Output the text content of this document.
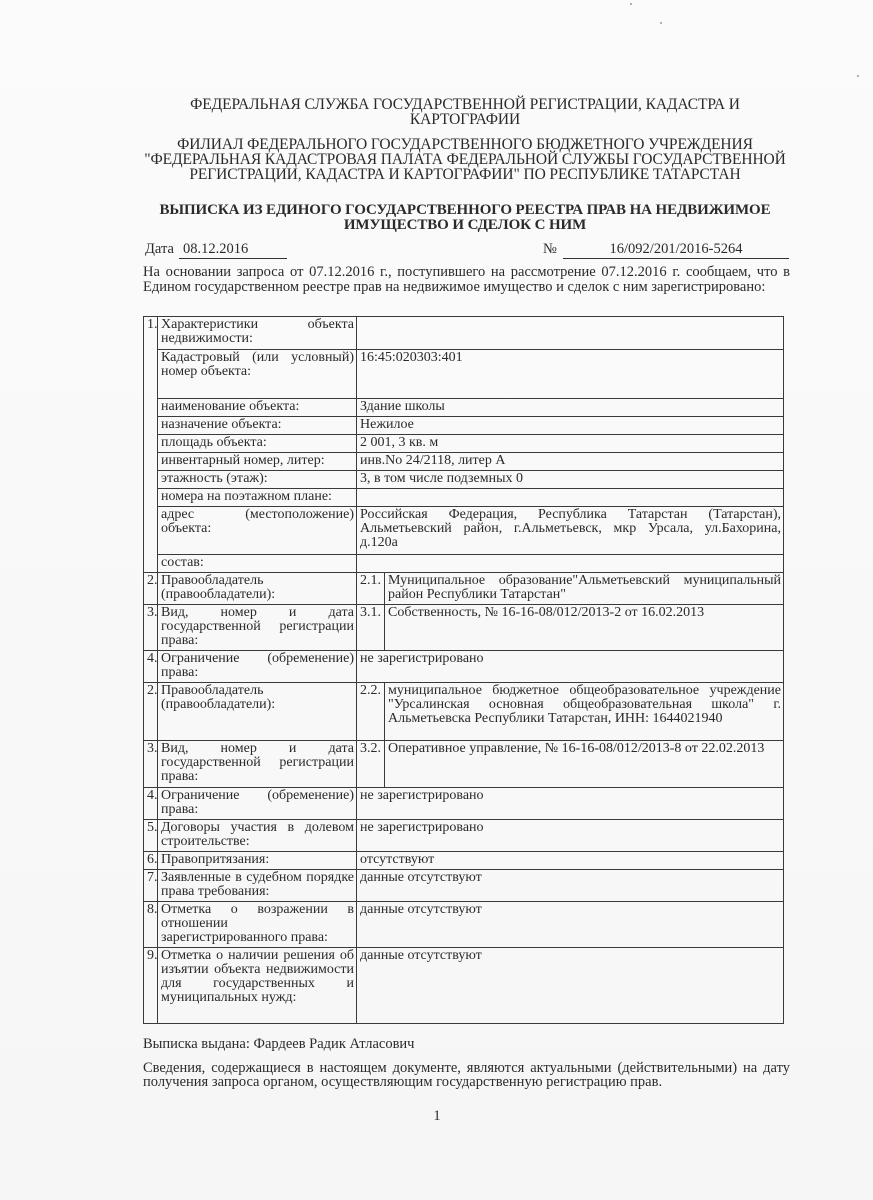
ФЕДЕРАЛЬНАЯ СЛУЖБА ГОСУДАРСТВЕННОЙ РЕГИСТРАЦИИ, КАДАСТРА И КАРТОГРАФИИ
ФИЛИАЛ ФЕДЕРАЛЬНОГО ГОСУДАРСТВЕННОГО БЮДЖЕТНОГО УЧРЕЖДЕНИЯ "ФЕДЕРАЛЬНАЯ КАДАСТРОВАЯ ПАЛАТА ФЕДЕРАЛЬНОЙ СЛУЖБЫ ГОСУДАРСТВЕННОЙ РЕГИСТРАЦИИ, КАДАСТРА И КАРТОГРАФИИ" ПО РЕСПУБЛИКЕ ТАТАРСТАН
ВЫПИСКА ИЗ ЕДИНОГО ГОСУДАРСТВЕННОГО РЕЕСТРА ПРАВ НА НЕДВИЖИМОЕ ИМУЩЕСТВО И СДЕЛОК С НИМ
Дата 08.12.2016	№	16/092/201/2016-5264
На основании запроса от 07.12.2016 г., поступившего на рассмотрение 07.12.2016 г. сообщаем, что в Едином государственном реестре прав на недвижимое имущество и сделок с ним зарегистрировано:
1.	Характеристики объекта недвижимости:		
	Кадастровый (или условный) номер объекта:	16:45:020303:401	
	наименование объекта:	Здание школы	
	назначение объекта:	Нежилое	
	площадь объекта:	2 001, 3 кв. м	
	инвентарный номер, литер:	инв.No 24/2118, литер А	
	этажность (этаж):	3, в том числе подземных 0	
	номера на поэтажном плане:		
	адрес (местоположение) объекта:	Российская Федерация, Республика Татарстан (Татарстан), Альметьевский район, г.Альметьевск, мкр Урсала, ул.Бахорина, д.120а	
	состав:		
2.	Правообладатель (правообладатели):	2.1.	Муниципальное образование"Альметьевский муниципальный район Республики Татарстан"
3.	Вид, номер и дата государственной регистрации права:	3.1.	Собственность, № 16-16-08/012/2013-2 от 16.02.2013
4.	Ограничение (обременение) права:	не зарегистрировано	
2.	Правообладатель (правообладатели):	2.2.	муниципальное бюджетное общеобразовательное учреждение "Урсалинская основная общеобразовательная школа" г. Альметьевска Республики Татарстан, ИНН: 1644021940
3.	Вид, номер и дата государственной регистрации права:	3.2.	Оперативное управление, № 16-16-08/012/2013-8 от 22.02.2013
4.	Ограничение (обременение) права:	не зарегистрировано	
5.	Договоры участия в долевом строительстве:	не зарегистрировано	
6.	Правопритязания:	отсутствуют	
7.	Заявленные в судебном порядке права требования:	данные отсутствуют	
8.	Отметка о возражении в отношении зарегистрированного права:	данные отсутствуют	
9.	Отметка о наличии решения об изъятии объекта недвижимости для государственных и муниципальных нужд:	данные отсутствуют	
Выписка выдана: Фардеев Радик Атласович
Сведения, содержащиеся в настоящем документе, являются актуальными (действительными) на дату получения запроса органом, осуществляющим государственную регистрацию прав.
1
